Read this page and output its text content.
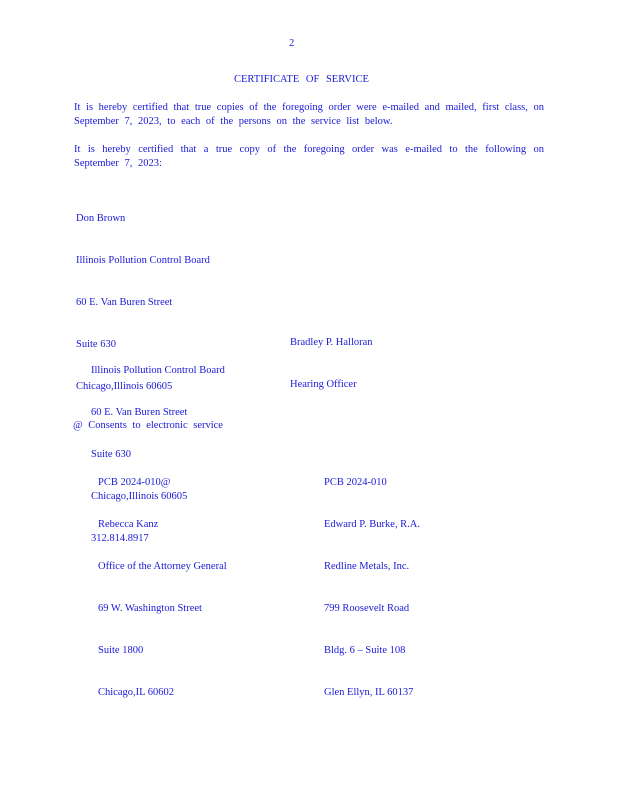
2
CERTIFICATE OF SERVICE
It is hereby certified that true copies of the foregoing order were e-mailed and mailed, first class, on September 7, 2023, to each of the persons on the service list below.
It is hereby certified that a true copy of the foregoing order was e-mailed to the following on September 7, 2023:

Don Brown

Illinois Pollution Control Board

60 E. Van Buren Street

Suite 630

Chicago,Illinois 60605

Bradley P. Halloran

Hearing Officer

Illinois Pollution Control Board

60 E. Van Buren Street

Suite 630

Chicago,Illinois 60605

312.814.8917

@ Consents to electronic service

PCB 2024-010@

Rebecca Kanz

Office of the Attorney General

69 W. Washington Street

Suite 1800

Chicago,IL 60602

PCB 2024-010

Edward P. Burke, R.A.

Redline Metals, Inc.

799 Roosevelt Road

Bldg. 6 – Suite 108

Glen Ellyn, IL 60137
